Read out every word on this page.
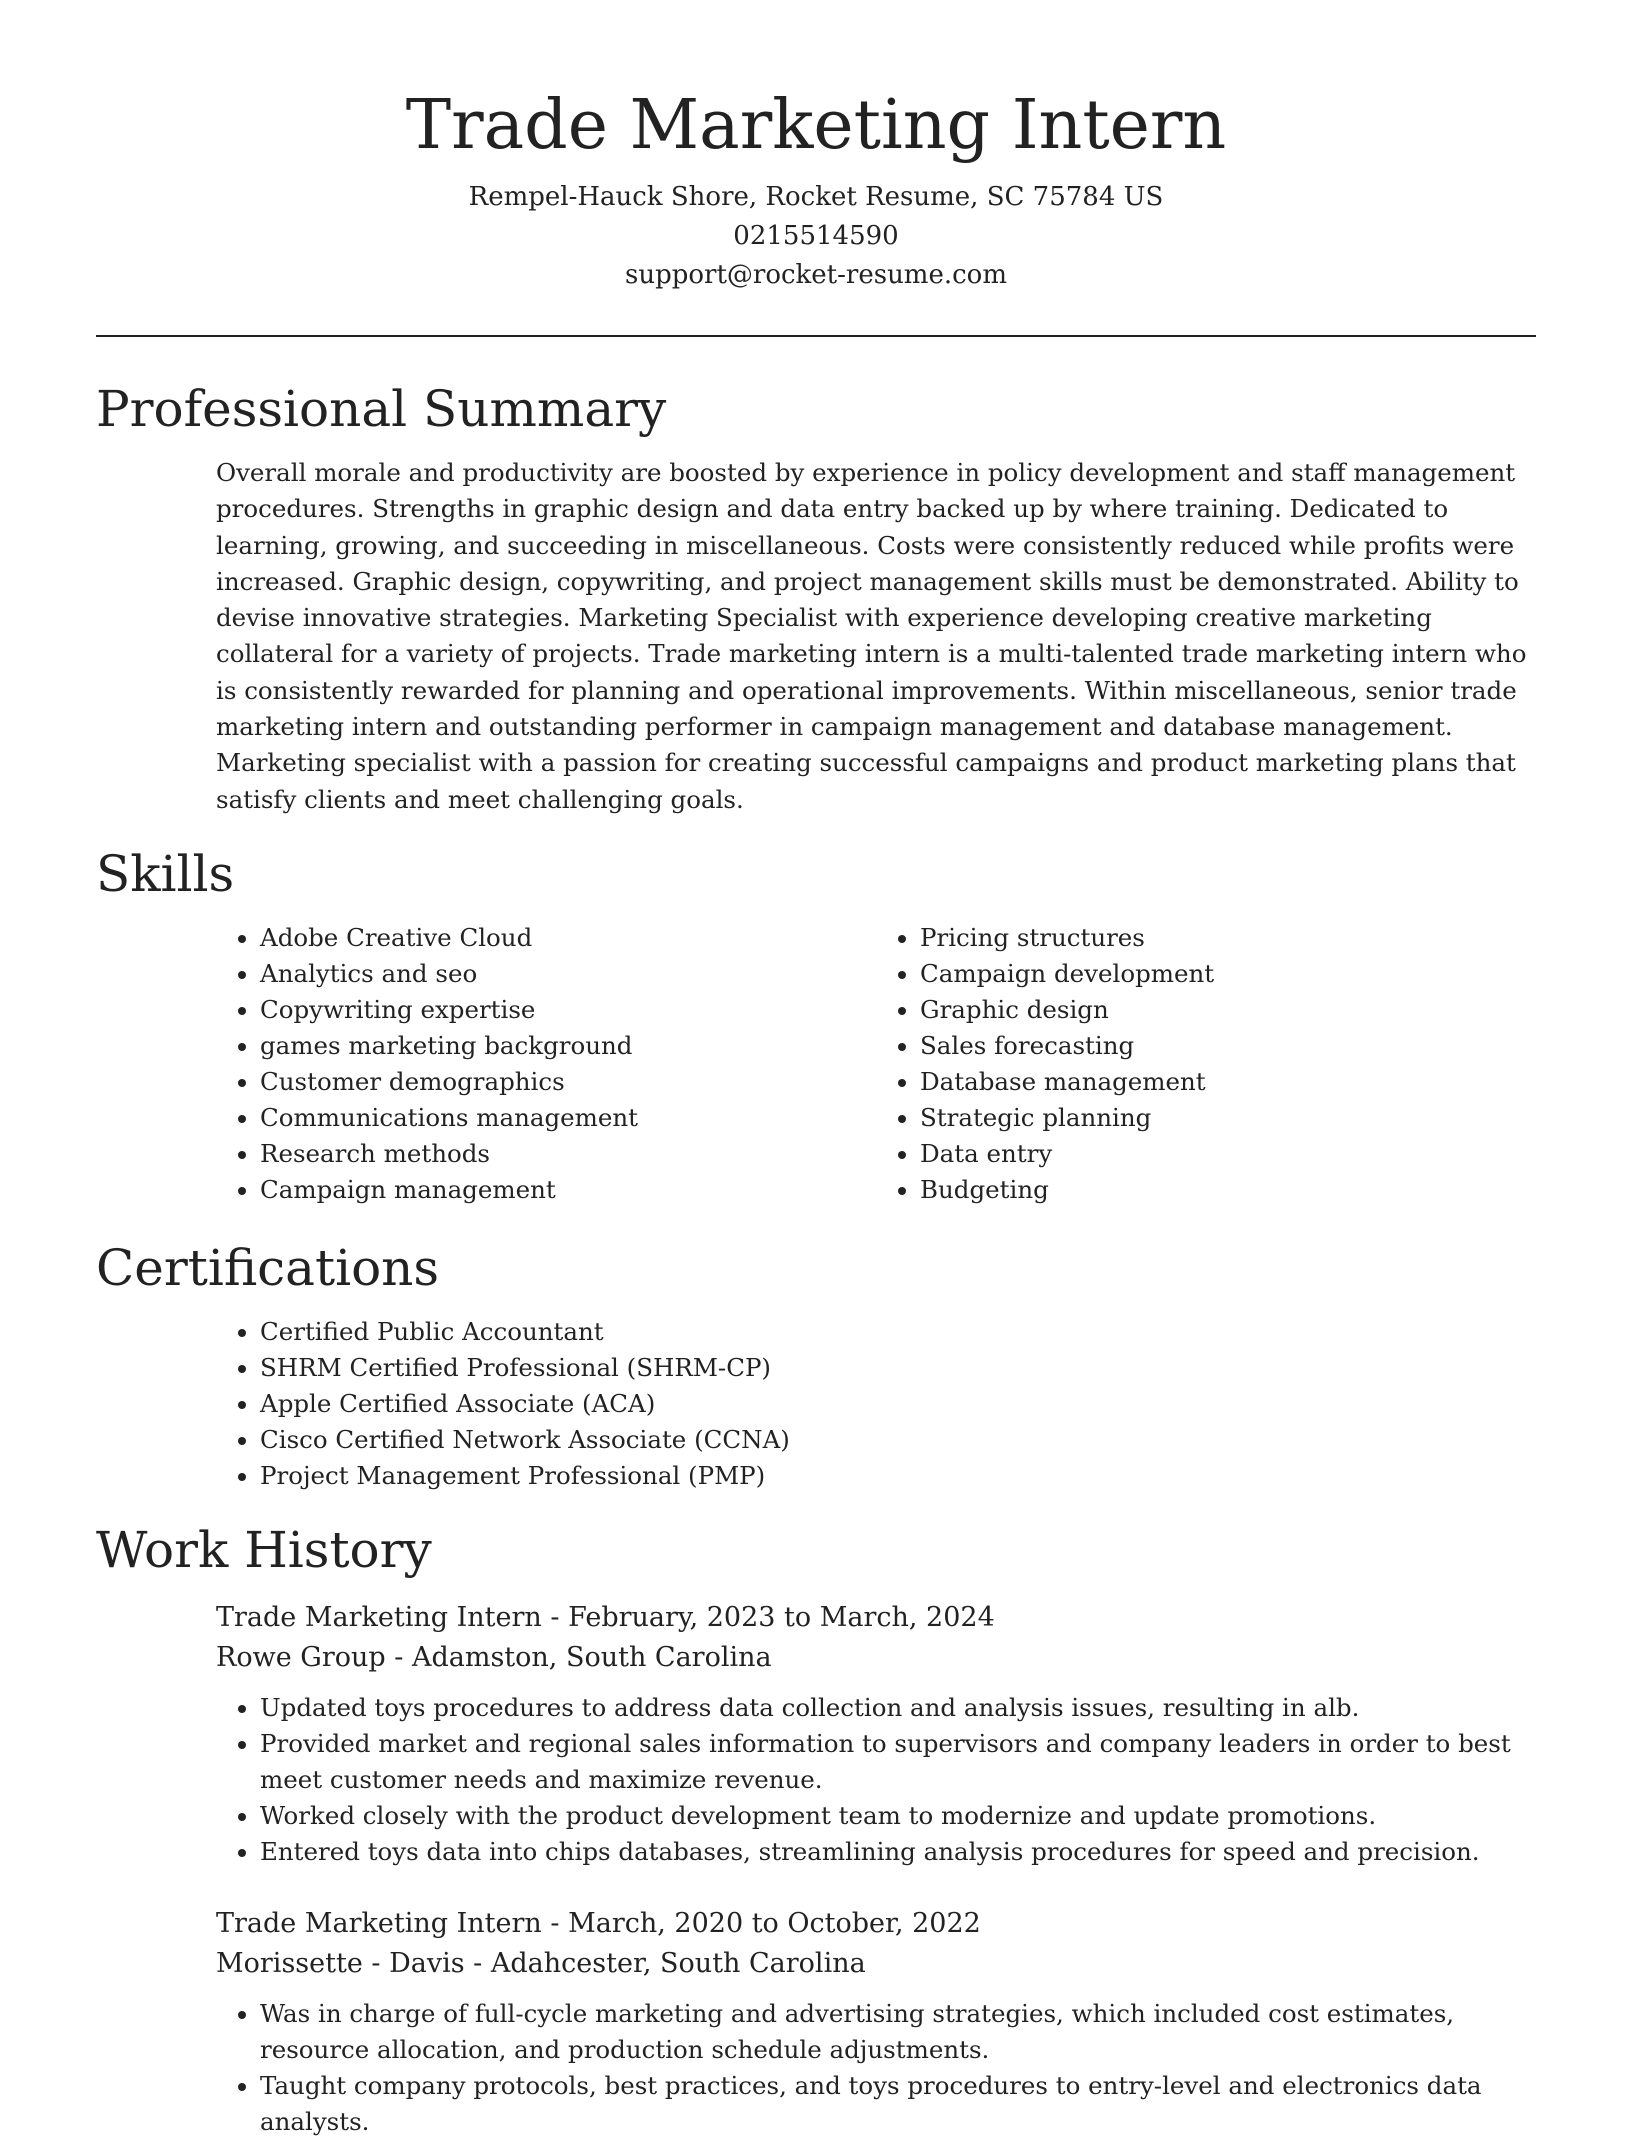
Trade Marketing Intern
Rempel-Hauck Shore, Rocket Resume, SC 75784 US
0215514590
support@rocket-resume.com
Professional Summary

Overall morale and productivity are boosted by experience in policy development and staff management procedures. Strengths in graphic design and data entry backed up by where training. Dedicated to learning, growing, and succeeding in miscellaneous. Costs were consistently reduced while profits were increased. Graphic design, copywriting, and project management skills must be demonstrated. Ability to devise innovative strategies. Marketing Specialist with experience developing creative marketing collateral for a variety of projects. Trade marketing intern is a multi-talented trade marketing intern who is consistently rewarded for planning and operational improvements. Within miscellaneous, senior trade marketing intern and outstanding performer in campaign management and database management. Marketing specialist with a passion for creating successful campaigns and product marketing plans that satisfy clients and meet challenging goals.

Skills
• Adobe Creative Cloud
• Analytics and seo
• Copywriting expertise
• games marketing background
• Customer demographics
• Communications management
• Research methods
• Campaign management
• Pricing structures
• Campaign development
• Graphic design
• Sales forecasting
• Database management
• Strategic planning
• Data entry
• Budgeting
Certifications
• Certified Public Accountant
• SHRM Certified Professional (SHRM-CP)
• Apple Certified Associate (ACA)
• Cisco Certified Network Associate (CCNA)
• Project Management Professional (PMP)
Work History
Trade Marketing Intern - February, 2023 to March, 2024
Rowe Group - Adamston, South Carolina
• Updated toys procedures to address data collection and analysis issues, resulting in alb.
• Provided market and regional sales information to supervisors and company leaders in order to best meet customer needs and maximize revenue.
• Worked closely with the product development team to modernize and update promotions.
• Entered toys data into chips databases, streamlining analysis procedures for speed and precision.
Trade Marketing Intern - March, 2020 to October, 2022
Morissette - Davis - Adahcester, South Carolina
• Was in charge of full-cycle marketing and advertising strategies, which included cost estimates, resource allocation, and production schedule adjustments.
• Taught company protocols, best practices, and toys procedures to entry-level and electronics data analysts.
